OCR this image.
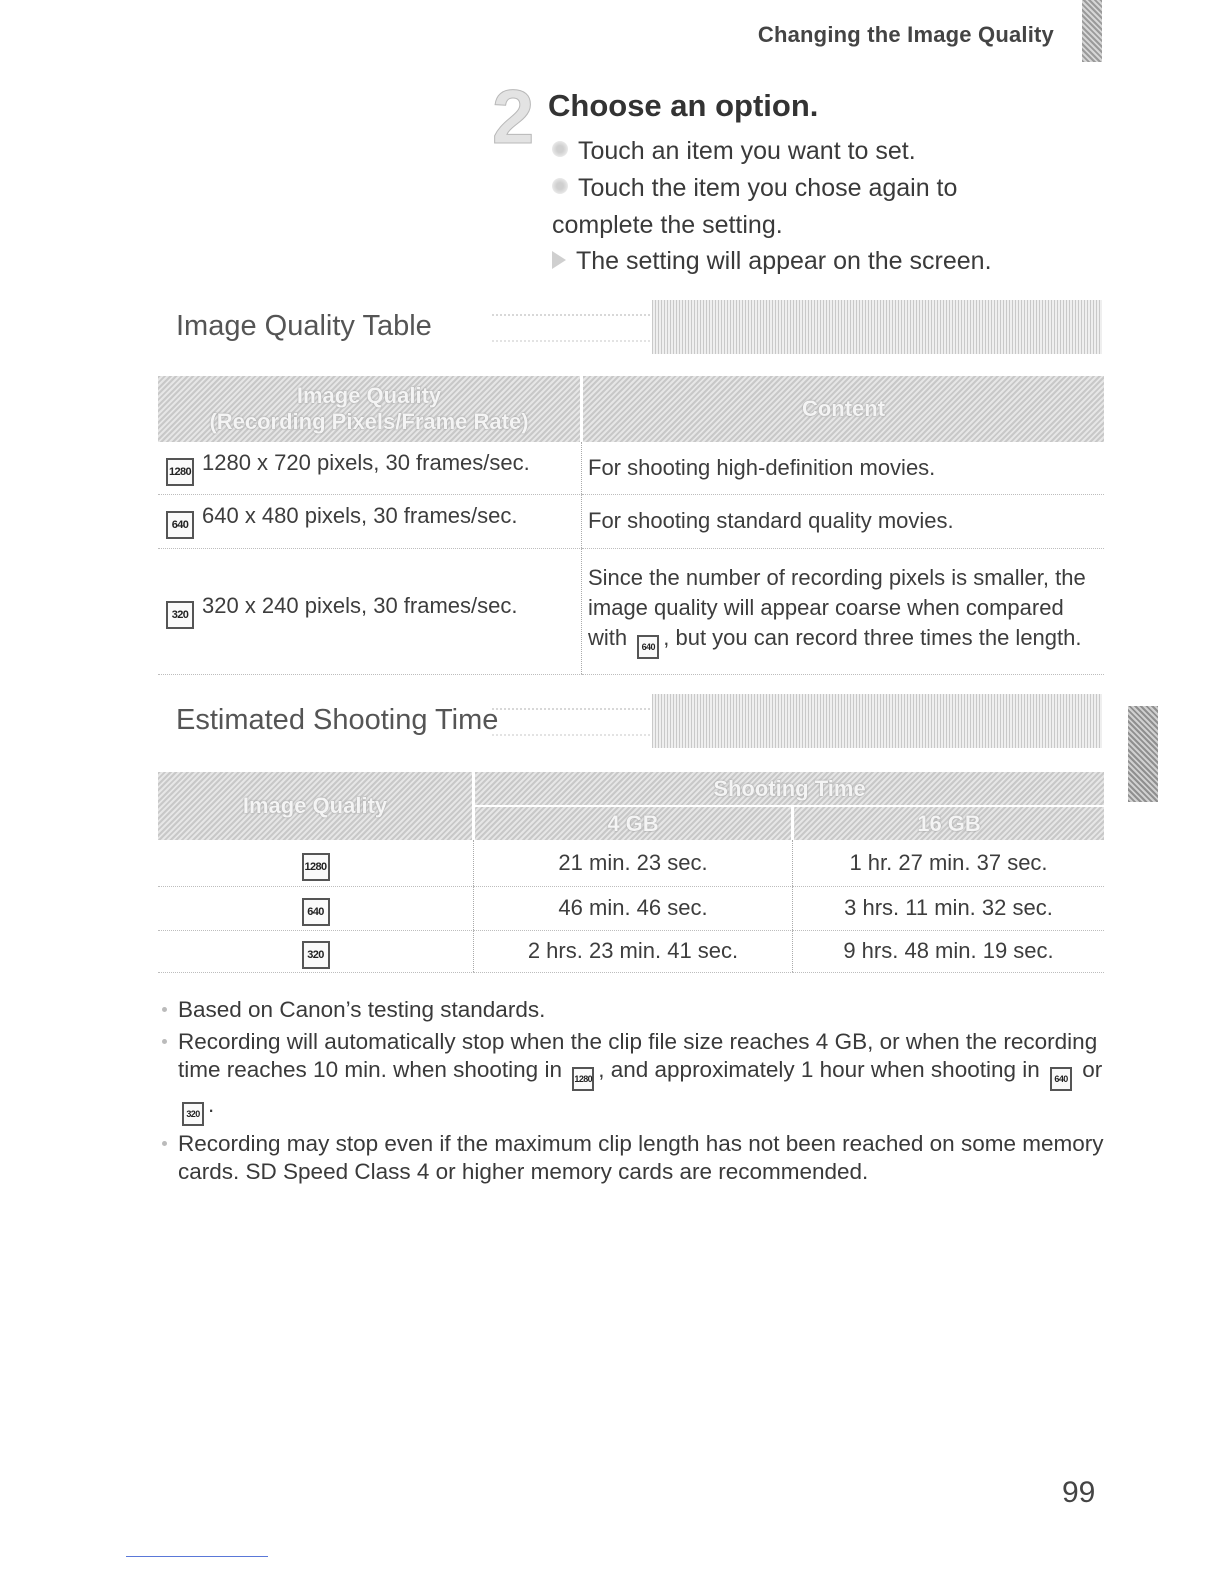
Changing the Image Quality
2 Choose an option.
Touch an item you want to set.
Touch the item you chose again to
complete the setting.
The setting will appear on the screen.
Image Quality Table
Image Quality
(Recording Pixels/Frame Rate)	Content
1280 1280 x 720 pixels, 30 frames/sec.	For shooting high-definition movies.
640 640 x 480 pixels, 30 frames/sec.	For shooting standard quality movies.
320 320 x 240 pixels, 30 frames/sec.	Since the number of recording pixels is smaller, the image quality will appear coarse when compared with 640 , but you can record three times the length.
Estimated Shooting Time
Image Quality	Shooting Time	
	4 GB	16 GB
1280	21 min. 23 sec.	1 hr. 27 min. 37 sec.
640	46 min. 46 sec.	3 hrs. 11 min. 32 sec.
320	2 hrs. 23 min. 41 sec.	9 hrs. 48 min. 19 sec.
Based on Canon’s testing standards.
Recording will automatically stop when the clip file size reaches 4 GB, or when the recording time reaches 10 min. when shooting in 1280 , and approximately 1 hour when shooting in 640 or 320 .
Recording may stop even if the maximum clip length has not been reached on some memory cards. SD Speed Class 4 or higher memory cards are recommended.
99
